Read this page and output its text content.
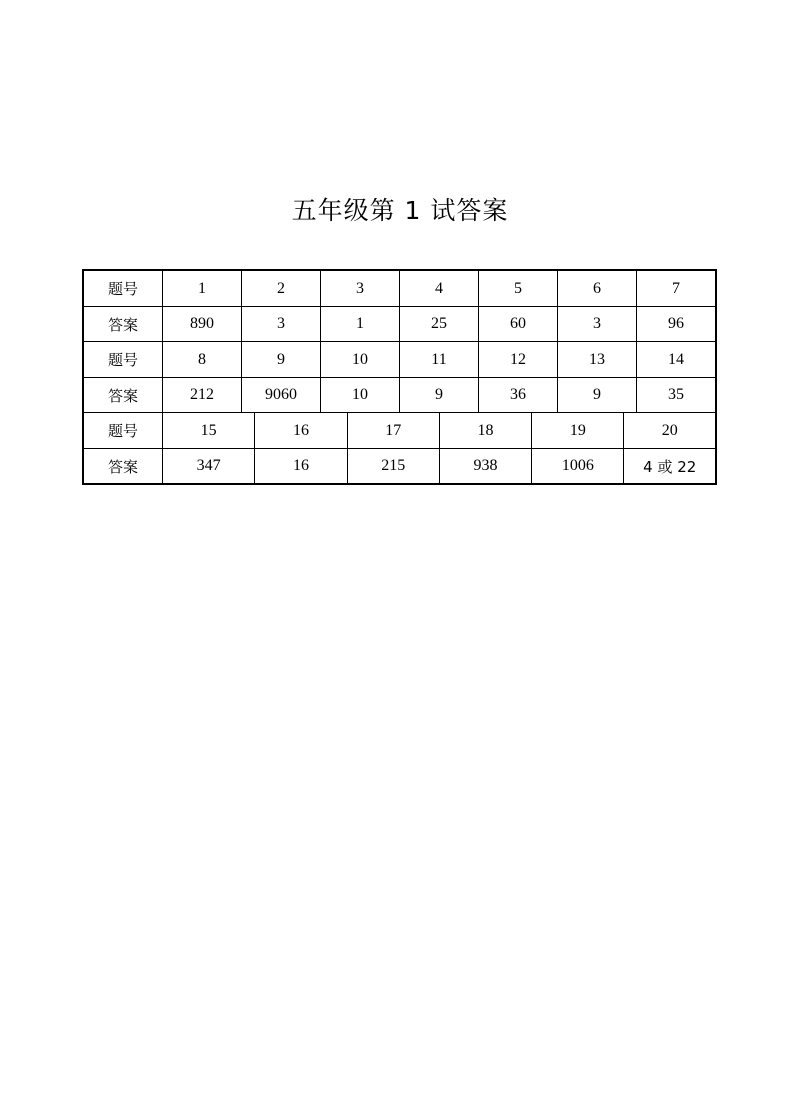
五年级第 1 试答案
题号	1	2	3	4	5	6	7
答案	890	3	1	25	60	3	96
题号	8	9	10	11	12	13	14
答案	212	9060	10	9	36	9	35
题号	15	16	17	18	19	20
答案	347	16	215	938	1006	4 或 22
